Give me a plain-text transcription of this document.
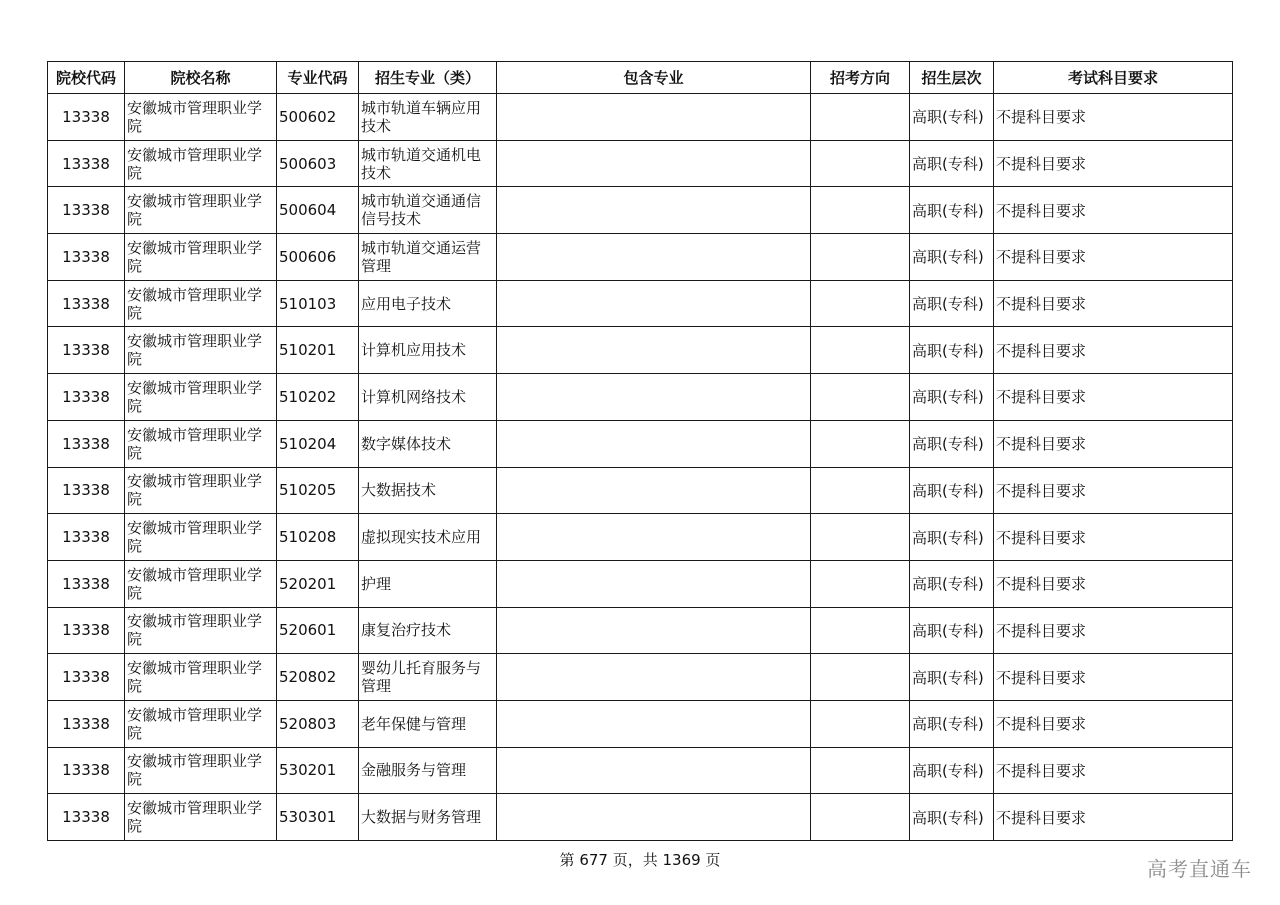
院校代码	院校名称	专业代码	招生专业（类）	包含专业	招考方向	招生层次	考试科目要求
13338	安徽城市管理职业学院	500602	城市轨道车辆应用技术			高职(专科)	不提科目要求
13338	安徽城市管理职业学院	500603	城市轨道交通机电技术			高职(专科)	不提科目要求
13338	安徽城市管理职业学院	500604	城市轨道交通通信信号技术			高职(专科)	不提科目要求
13338	安徽城市管理职业学院	500606	城市轨道交通运营管理			高职(专科)	不提科目要求
13338	安徽城市管理职业学院	510103	应用电子技术			高职(专科)	不提科目要求
13338	安徽城市管理职业学院	510201	计算机应用技术			高职(专科)	不提科目要求
13338	安徽城市管理职业学院	510202	计算机网络技术			高职(专科)	不提科目要求
13338	安徽城市管理职业学院	510204	数字媒体技术			高职(专科)	不提科目要求
13338	安徽城市管理职业学院	510205	大数据技术			高职(专科)	不提科目要求
13338	安徽城市管理职业学院	510208	虚拟现实技术应用			高职(专科)	不提科目要求
13338	安徽城市管理职业学院	520201	护理			高职(专科)	不提科目要求
13338	安徽城市管理职业学院	520601	康复治疗技术			高职(专科)	不提科目要求
13338	安徽城市管理职业学院	520802	婴幼儿托育服务与管理			高职(专科)	不提科目要求
13338	安徽城市管理职业学院	520803	老年保健与管理			高职(专科)	不提科目要求
13338	安徽城市管理职业学院	530201	金融服务与管理			高职(专科)	不提科目要求
13338	安徽城市管理职业学院	530301	大数据与财务管理			高职(专科)	不提科目要求
第 677 页，共 1369 页	高考直通车
